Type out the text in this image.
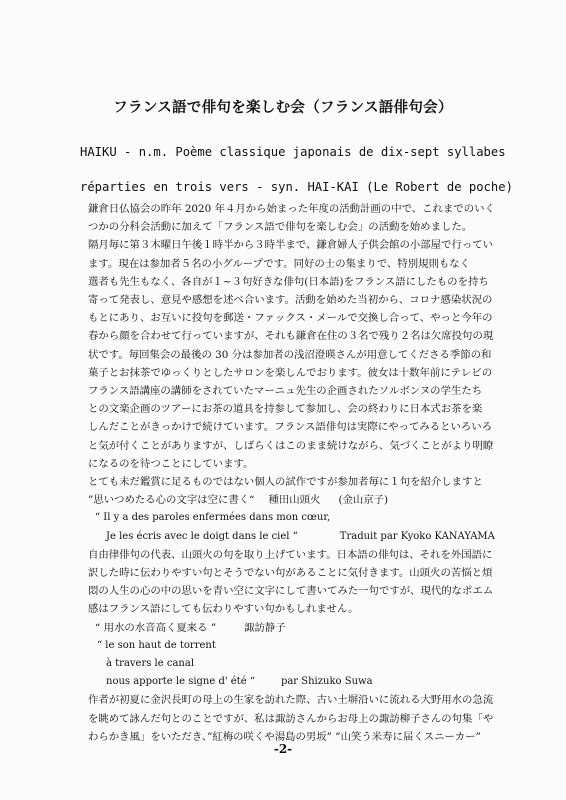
フランス語で俳句を楽しむ会（フランス語俳句会）
HAIKU - n.m. Poème classique japonais de dix-sept syllabes
réparties en trois vers - syn. HAI-KAI (Le Robert de poche)

鎌倉日仏協会の昨年 2020 年４月から始まった年度の活動計画の中で、これまでのいく

つかの分科会活動に加えて「フランス語で俳句を楽しむ会」の活動を始めました。

隔月毎に第３木曜日午後１時半から３時半まで、鎌倉婦人子供会館の小部屋で行ってい

ます。現在は参加者５名の小グループです。同好の士の集まりで、特別規則もなく

選者も先生もなく、各自が１~３句好きな俳句(日本語)をフランス語にしたものを持ち

寄って発表し、意見や感想を述べ合います。活動を始めた当初から、コロナ感染状況の

もとにあり、お互いに投句を郵送・ファックス・メールで交換し合って、やっと今年の

春から顔を合わせて行っていますが、それも鎌倉在住の３名で残り２名は欠席投句の現

状です。毎回集会の最後の 30 分は参加者の浅沼澄暎さんが用意してくださる季節の和

菓子とお抹茶でゆっくりとしたサロンを楽しんでおります。彼女は十数年前にテレビの

フランス語講座の講師をされていたマーニュ先生の企画されたソルボンヌの学生たち

との文楽企画のツアーにお茶の道具を持参して参加し、会の終わりに日本式お茶を楽

しんだことがきっかけで続けています。フランス語俳句は実際にやってみるといろいろ

と気が付くことがありますが、しばらくはこのまま続けながら、気づくことがより明瞭

になるのを待つことにしています。

とても未だ鑑賞に足るものではない個人の試作ですが参加者毎に１句を紹介しますと

”思いつめたる心の文字は空に書く“ 種田山頭火 (金山京子)

“ Il y a des paroles enfermées dans mon cœur,

Je les écris avec le doigt dans le ciel “	Traduit par Kyoko KANAYAMA

自由律俳句の代表、山頭火の句を取り上げています。日本語の俳句は、それを外国語に

訳した時に伝わりやすい句とそうでない句があることに気付きます。山頭火の苦悩と煩

悶の人生の心の中の思いを青い空に文字にして書いてみた一句ですが、現代的なポエム

感はフランス語にしても伝わりやすい句かもしれません。

“ 用水の水音高く夏来る ”	諏訪静子

“ le son haut de torrent

à travers le canal

nous apporte le signe d' été “	par Shizuko Suwa

作者が初夏に金沢長町の母上の生家を訪れた際、古い土塀沿いに流れる大野用水の急流

を眺めて詠んだ句とのことですが、私は諏訪さんからお母上の諏訪柳子さんの句集「や

わらかき風」をいただき、”紅梅の咲くや湯島の男坂” ”山笑う米寿に届くスニーカー”

-2-
